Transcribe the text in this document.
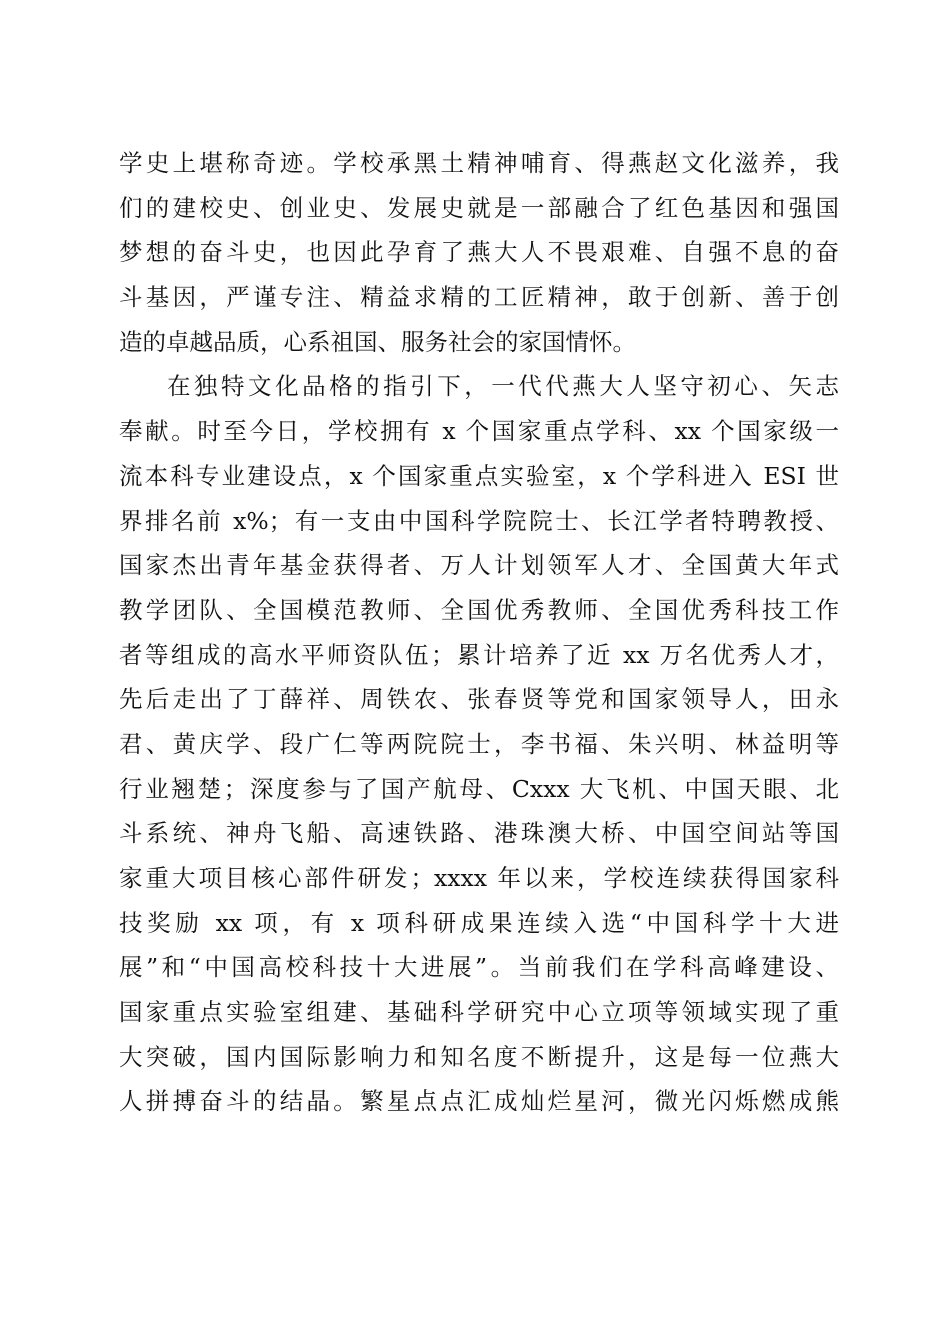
学史上堪称奇迹。学校承黑土精神哺育、得燕赵文化滋养，我
们的建校史、创业史、发展史就是一部融合了红色基因和强国
梦想的奋斗史，也因此孕育了燕大人不畏艰难、自强不息的奋
斗基因，严谨专注、精益求精的工匠精神，敢于创新、善于创
造的卓越品质，心系祖国、服务社会的家国情怀。
在独特文化品格的指引下，一代代燕大人坚守初心、矢志
奉献。时至今日，学校拥有 x 个国家重点学科、xx 个国家级一
流本科专业建设点，x 个国家重点实验室，x 个学科进入 ESI 世
界排名前 x%；有一支由中国科学院院士、长江学者特聘教授、
国家杰出青年基金获得者、万人计划领军人才、全国黄大年式
教学团队、全国模范教师、全国优秀教师、全国优秀科技工作
者等组成的高水平师资队伍；累计培养了近 xx 万名优秀人才，
先后走出了丁薛祥、周铁农、张春贤等党和国家领导人，田永
君、黄庆学、段广仁等两院院士，李书福、朱兴明、林益明等
行业翘楚；深度参与了国产航母、Cxxx 大飞机、中国天眼、北
斗系统、神舟飞船、高速铁路、港珠澳大桥、中国空间站等国
家重大项目核心部件研发；xxxx 年以来，学校连续获得国家科
技奖励 xx 项，有 x 项科研成果连续入选“中国科学十大进
展”和“中国高校科技十大进展”。当前我们在学科高峰建设、
国家重点实验室组建、基础科学研究中心立项等领域实现了重
大突破，国内国际影响力和知名度不断提升，这是每一位燕大
人拼搏奋斗的结晶。繁星点点汇成灿烂星河，微光闪烁燃成熊
